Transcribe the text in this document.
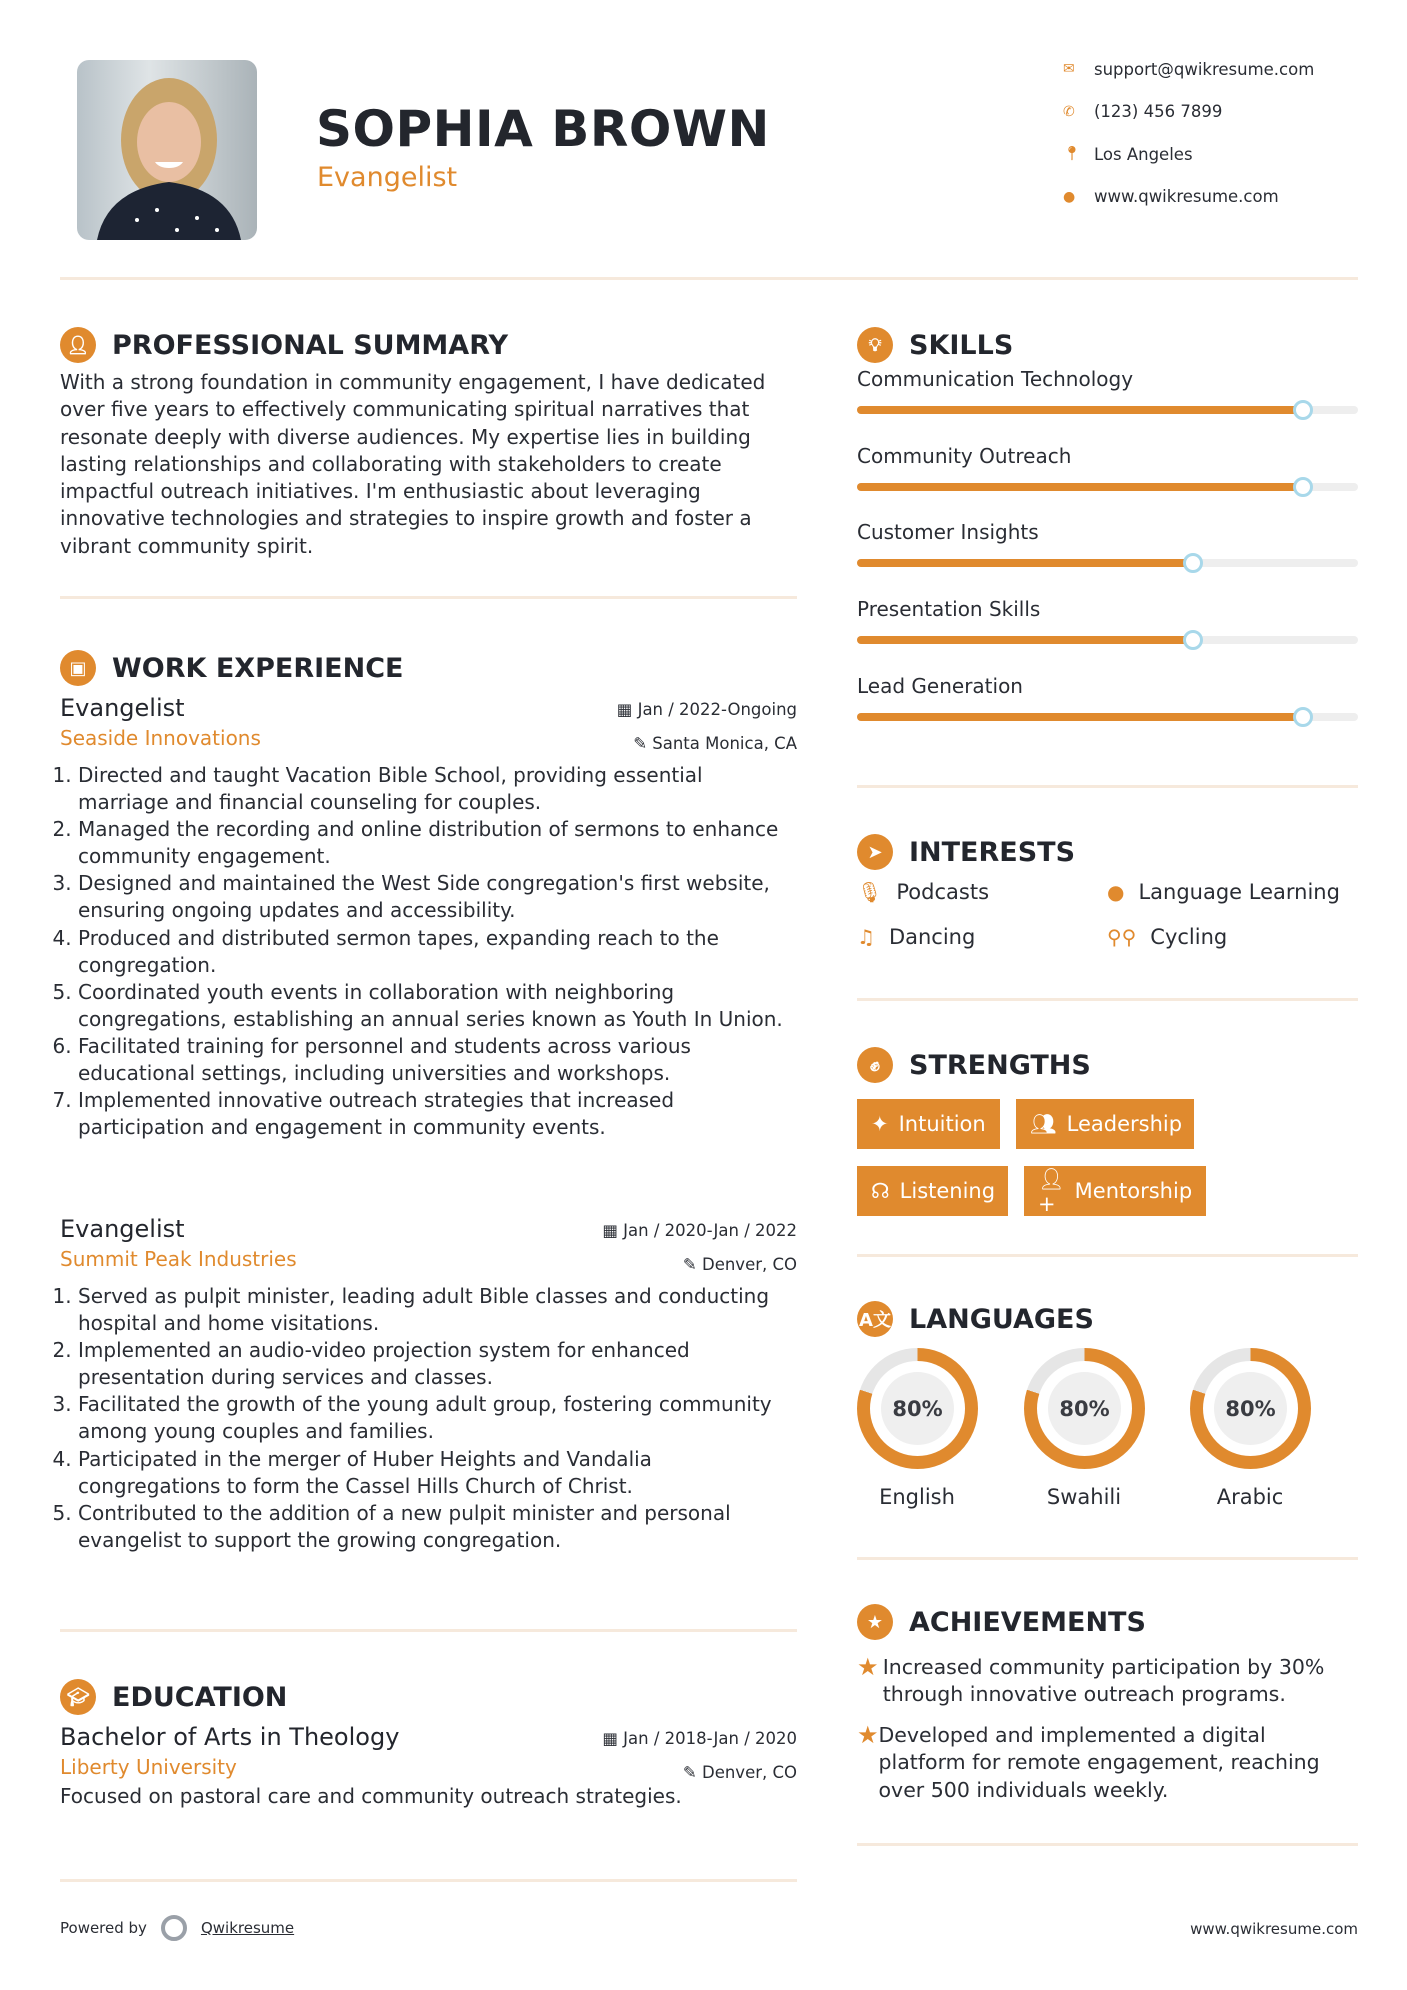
SOPHIA BROWN
Evangelist
✉	support@qwikresume.com
✆	(123) 456 7899
📍︎ Los Angeles
●	www.qwikresume.com
👤︎ PROFESSIONAL SUMMARY
With a strong foundation in community engagement, I have dedicated over five years to effectively communicating spiritual narratives that resonate deeply with diverse audiences. My expertise lies in building lasting relationships and collaborating with stakeholders to create impactful outreach initiatives. I'm enthusiastic about leveraging innovative technologies and strategies to inspire growth and foster a vibrant community spirit.
▣ WORK EXPERIENCE
Evangelist	▦ Jan / 2022-Ongoing
Seaside Innovations	✎ Santa Monica, CA
1. Directed and taught Vacation Bible School, providing essential marriage and financial counseling for couples.
2. Managed the recording and online distribution of sermons to enhance community engagement.
3. Designed and maintained the West Side congregation's first website, ensuring ongoing updates and accessibility.
4. Produced and distributed sermon tapes, expanding reach to the congregation.
5. Coordinated youth events in collaboration with neighboring congregations, establishing an annual series known as Youth In Union.
6. Facilitated training for personnel and students across various educational settings, including universities and workshops.
7. Implemented innovative outreach strategies that increased participation and engagement in community events.
Evangelist	▦ Jan / 2020-Jan / 2022
Summit Peak Industries	✎ Denver, CO
1. Served as pulpit minister, leading adult Bible classes and conducting hospital and home visitations.
2. Implemented an audio-video projection system for enhanced presentation during services and classes.
3. Facilitated the growth of the young adult group, fostering community among young couples and families.
4. Participated in the merger of Huber Heights and Vandalia congregations to form the Cassel Hills Church of Christ.
5. Contributed to the addition of a new pulpit minister and personal evangelist to support the growing congregation.
🎓︎ EDUCATION
Bachelor of Arts in Theology	▦ Jan / 2018-Jan / 2020
Liberty University	✎ Denver, CO
Focused on pastoral care and community outreach strategies.
Powered by	Qwikresume	www.qwikresume.com
💡︎	SKILLS
Communication Technology
Community Outreach
Customer Insights
Presentation Skills
Lead Generation
➤ INTERESTS
🎙︎ Podcasts	● Language Learning
♫ Dancing	⚲⚲ Cycling
✊︎	STRENGTHS
✦ Intuition 👥︎ Leadership
☊ Listening
👤︎+
Mentorship
A文 LANGUAGES
80%	80%	80%
English	Swahili	Arabic
★ ACHIEVEMENTS
★ Increased community participation by 30% through innovative outreach programs.
★ Developed and implemented a digital platform for remote engagement, reaching over 500 individuals weekly.
